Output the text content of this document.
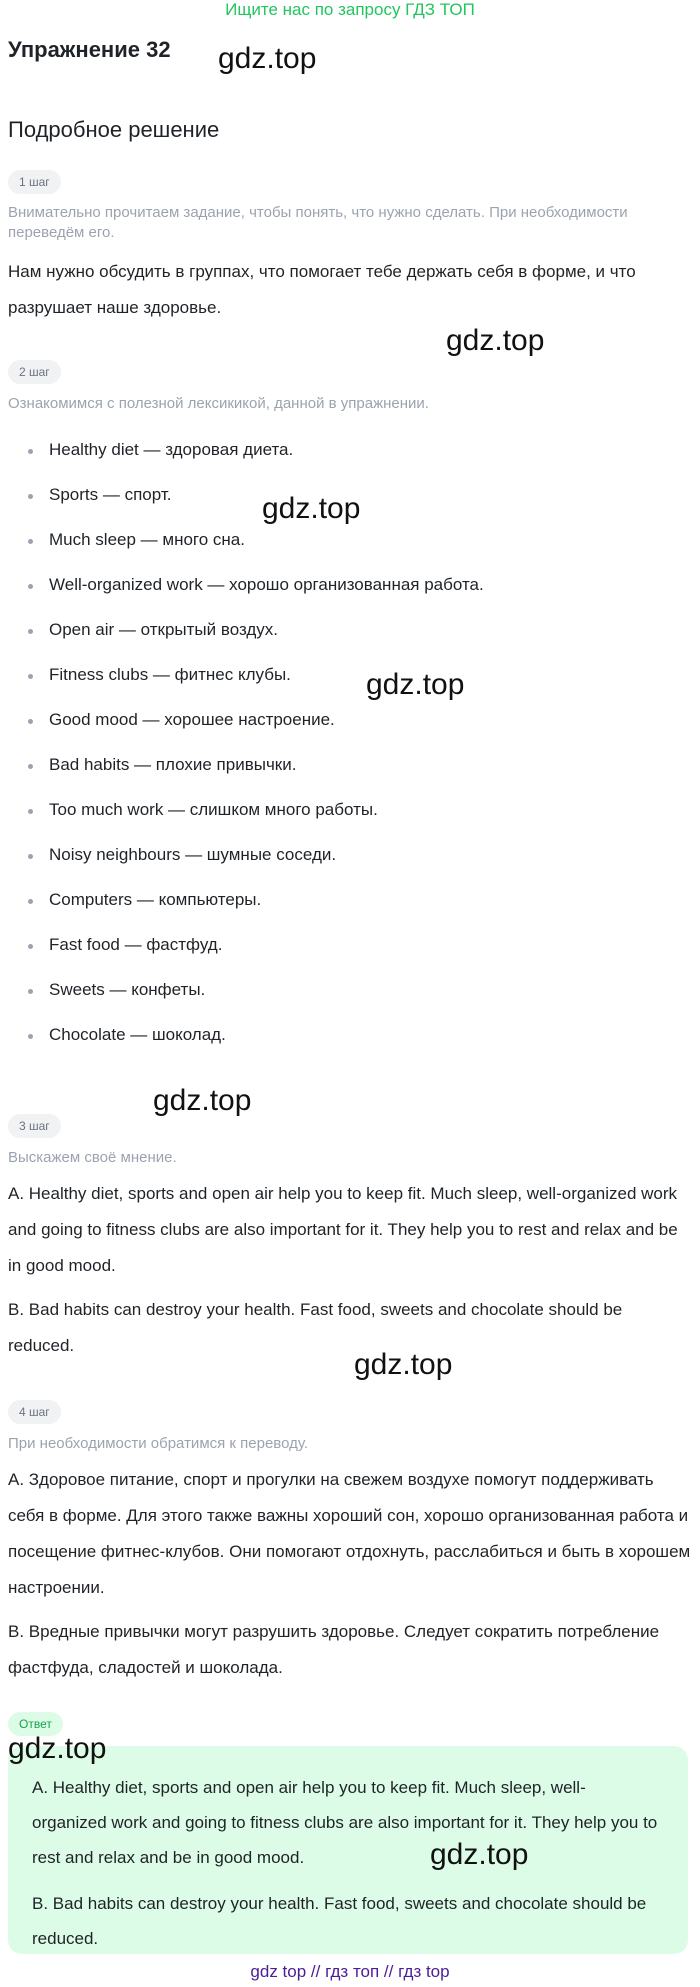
Ищите нас по запросу ГДЗ ТОП
Упражнение 32
Подробное решение
gdz.top
gdz.top
gdz.top
gdz.top
gdz.top
gdz.top
gdz.top
1 шаг
Внимательно прочитаем задание, чтобы понять, что нужно сделать. При необходимости переведём его.
Нам нужно обсудить в группах, что помогает тебе держать себя в форме, и что разрушает наше здоровье.
2 шаг
Ознакомимся с полезной лексикикой, данной в упражнении.
Healthy diet — здоровая диета.
Sports — спорт.
Much sleep — много сна.
Well-organized work — хорошо организованная работа.
Open air — открытый воздух.
Fitness clubs — фитнес клубы.
Good mood — хорошее настроение.
Bad habits — плохие привычки.
Too much work — слишком много работы.
Noisy neighbours — шумные соседи.
Computers — компьютеры.
Fast food — фастфуд.
Sweets — конфеты.
Chocolate — шоколад.
3 шаг
Выскажем своё мнение.
A. Healthy diet, sports and open air help you to keep fit. Much sleep, well-organized work and going to fitness clubs are also important for it. They help you to rest and relax and be in good mood.
B. Bad habits can destroy your health. Fast food, sweets and chocolate should be reduced.
4 шаг
При необходимости обратимся к переводу.
А. Здоровое питание, спорт и прогулки на свежем воздухе помогут поддерживать себя в форме. Для этого также важны хороший сон, хорошо организованная работа и посещение фитнес-клубов. Они помогают отдохнуть, расслабиться и быть в хорошем настроении.
B. Вредные привычки могут разрушить здоровье. Следует сократить потребление фастфуда, сладостей и шоколада.
Ответ
gdz.top
A. Healthy diet, sports and open air help you to keep fit. Much sleep, well-organized work and going to fitness clubs are also important for it. They help you to rest and relax and be in good mood.
B. Bad habits can destroy your health. Fast food, sweets and chocolate should be reduced.
gdz top // гдз топ // гдз top
